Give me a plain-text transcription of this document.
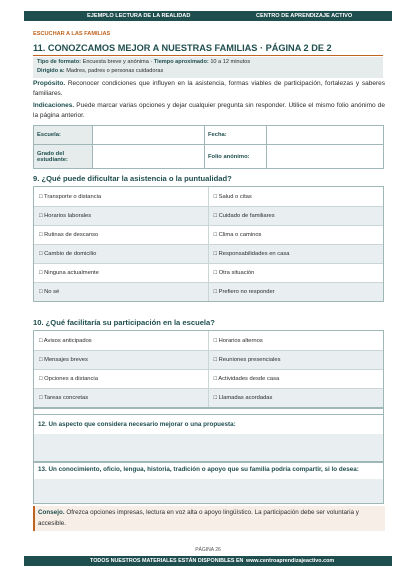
EJEMPLO LECTURA DE LA REALIDAD	CENTRO DE APRENDIZAJE ACTIVO
ESCUCHAR A LAS FAMILIAS
11. CONOZCAMOS MEJOR A NUESTRAS FAMILIAS · PÁGINA 2 DE 2
Tipo de formato: Encuesta breve y anónima · Tiempo aproximado: 10 a 12 minutos
Dirigido a: Madres, padres o personas cuidadoras
Propósito. Reconocer condiciones que influyen en la asistencia, formas viables de participación, fortalezas y saberes familiares.
Indicaciones. Puede marcar varias opciones y dejar cualquier pregunta sin responder. Utilice el mismo folio anónimo de la página anterior.
Escuela:		Fecha:	
Grado del estudiante:		Folio anónimo:	
9. ¿Qué puede dificultar la asistencia o la puntualidad?
□ Transporte o distancia	□ Salud o citas
□ Horarios laborales	□ Cuidado de familiares
□ Rutinas de descanso	□ Clima o caminos
□ Cambio de domicilio	□ Responsabilidades en casa
□ Ninguna actualmente	□ Otra situación
□ No sé	□ Prefiero no responder
10. ¿Qué facilitaría su participación en la escuela?
□ Avisos anticipados	□ Horarios alternos
□ Mensajes breves	□ Reuniones presenciales
□ Opciones a distancia	□ Actividades desde casa
□ Tareas concretas	□ Llamadas acordadas
12. Un aspecto que considera necesario mejorar o una propuesta:
13. Un conocimiento, oficio, lengua, historia, tradición o apoyo que su familia podría compartir, si lo desea:
Consejo. Ofrezca opciones impresas, lectura en voz alta o apoyo lingüístico. La participación debe ser voluntaria y accesible.
PÁGINA 26
TODOS NUESTROS MATERIALES ESTÁN DISPONIBLES EN www.centroaprendizajeactivo.com
